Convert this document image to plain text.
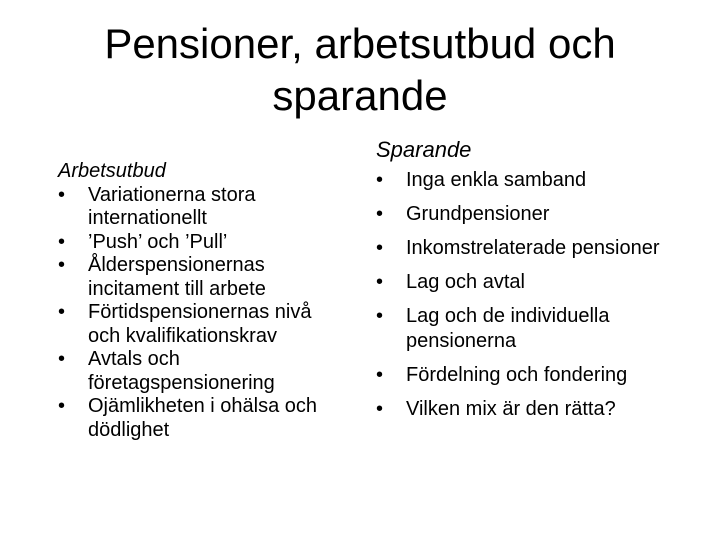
Pensioner, arbetsutbud och
sparande
Arbetsutbud
•	Variationerna stora internationellt
•	’Push’ och ’Pull’
•	Ålderspensionernas incitament till arbete
•	Förtidspensionernas nivå och kvalifikationskrav
•	Avtals och företagspensionering
•	Ojämlikheten i ohälsa och dödlighet
Sparande
•	Inga enkla samband
•	Grundpensioner
•	Inkomstrelaterade pensioner
•	Lag och avtal
•	Lag och de individuella pensionerna
•	Fördelning och fondering
•	Vilken mix är den rätta?
